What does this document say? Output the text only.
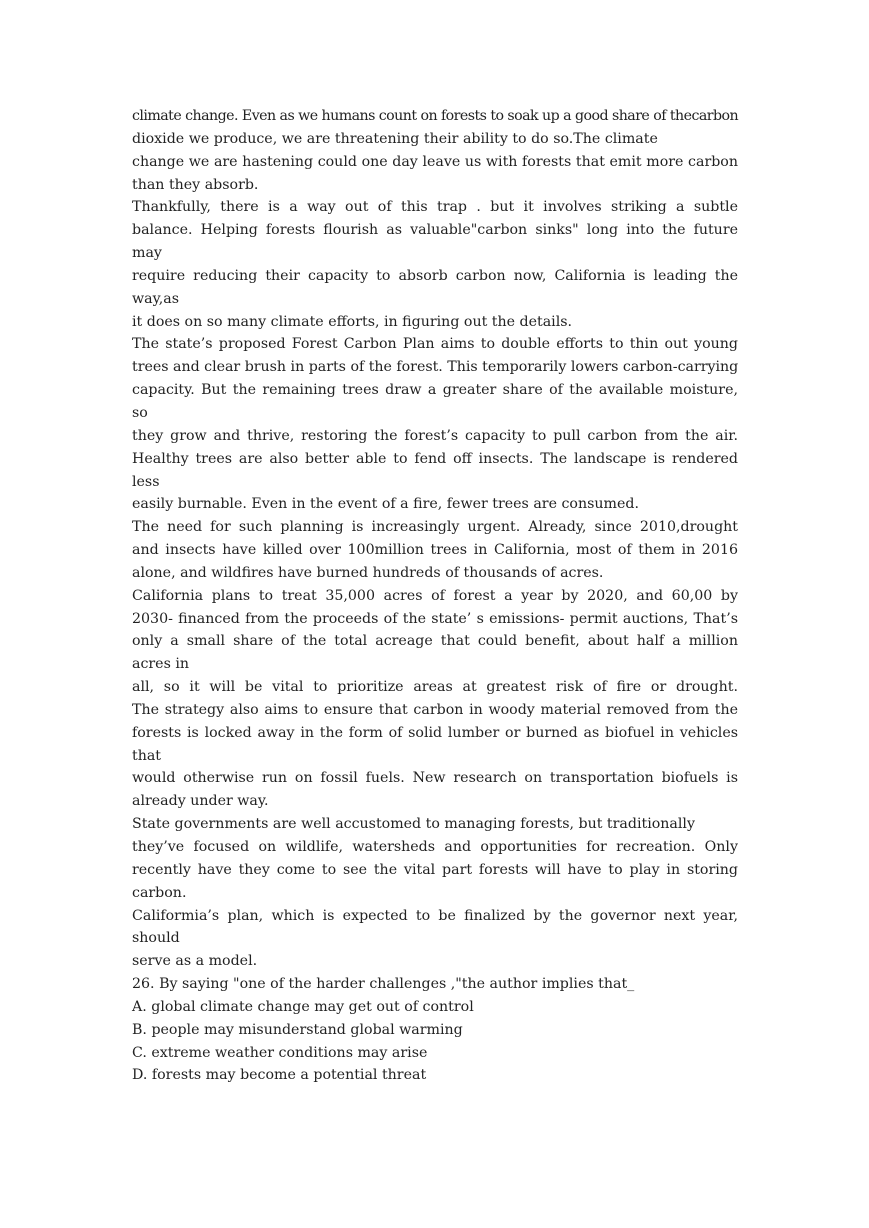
climate change. Even as we humans count on forests to soak up a good share of thecarbon
dioxide we produce, we are threatening their ability to do so.The climate
change we are hastening could one day leave us with forests that emit more carbon
than they absorb.
Thankfully, there is a way out of this trap . but it involves striking a subtle
balance. Helping forests flourish as valuable"carbon sinks" long into the future
may
require reducing their capacity to absorb carbon now, California is leading the
way,as
it does on so many climate efforts, in figuring out the details.
The state’s proposed Forest Carbon Plan aims to double efforts to thin out young
trees and clear brush in parts of the forest. This temporarily lowers carbon-carrying
capacity. But the remaining trees draw a greater share of the available moisture,
so
they grow and thrive, restoring the forest’s capacity to pull carbon from the air.
Healthy trees are also better able to fend off insects. The landscape is rendered
less
easily burnable. Even in the event of a fire, fewer trees are consumed.
The need for such planning is increasingly urgent. Already, since 2010,drought
and insects have killed over 100million trees in California, most of them in 2016
alone, and wildfires have burned hundreds of thousands of acres.
California plans to treat 35,000 acres of forest a year by 2020, and 60,00 by
2030- financed from the proceeds of the state’ s emissions- permit auctions, That’s
only a small share of the total acreage that could benefit, about half a million
acres in
all, so it will be vital to prioritize areas at greatest risk of fire or drought.
The strategy also aims to ensure that carbon in woody material removed from the
forests is locked away in the form of solid lumber or burned as biofuel in vehicles
that
would otherwise run on fossil fuels. New research on transportation biofuels is
already under way.
State governments are well accustomed to managing forests, but traditionally
they’ve focused on wildlife, watersheds and opportunities for recreation. Only
recently have they come to see the vital part forests will have to play in storing
carbon.
Califormia’s plan, which is expected to be finalized by the governor next year,
should
serve as a model.
26. By saying "one of the harder challenges ,"the author implies that_
A. global climate change may get out of control
B. people may misunderstand global warming
C. extreme weather conditions may arise
D. forests may become a potential threat
